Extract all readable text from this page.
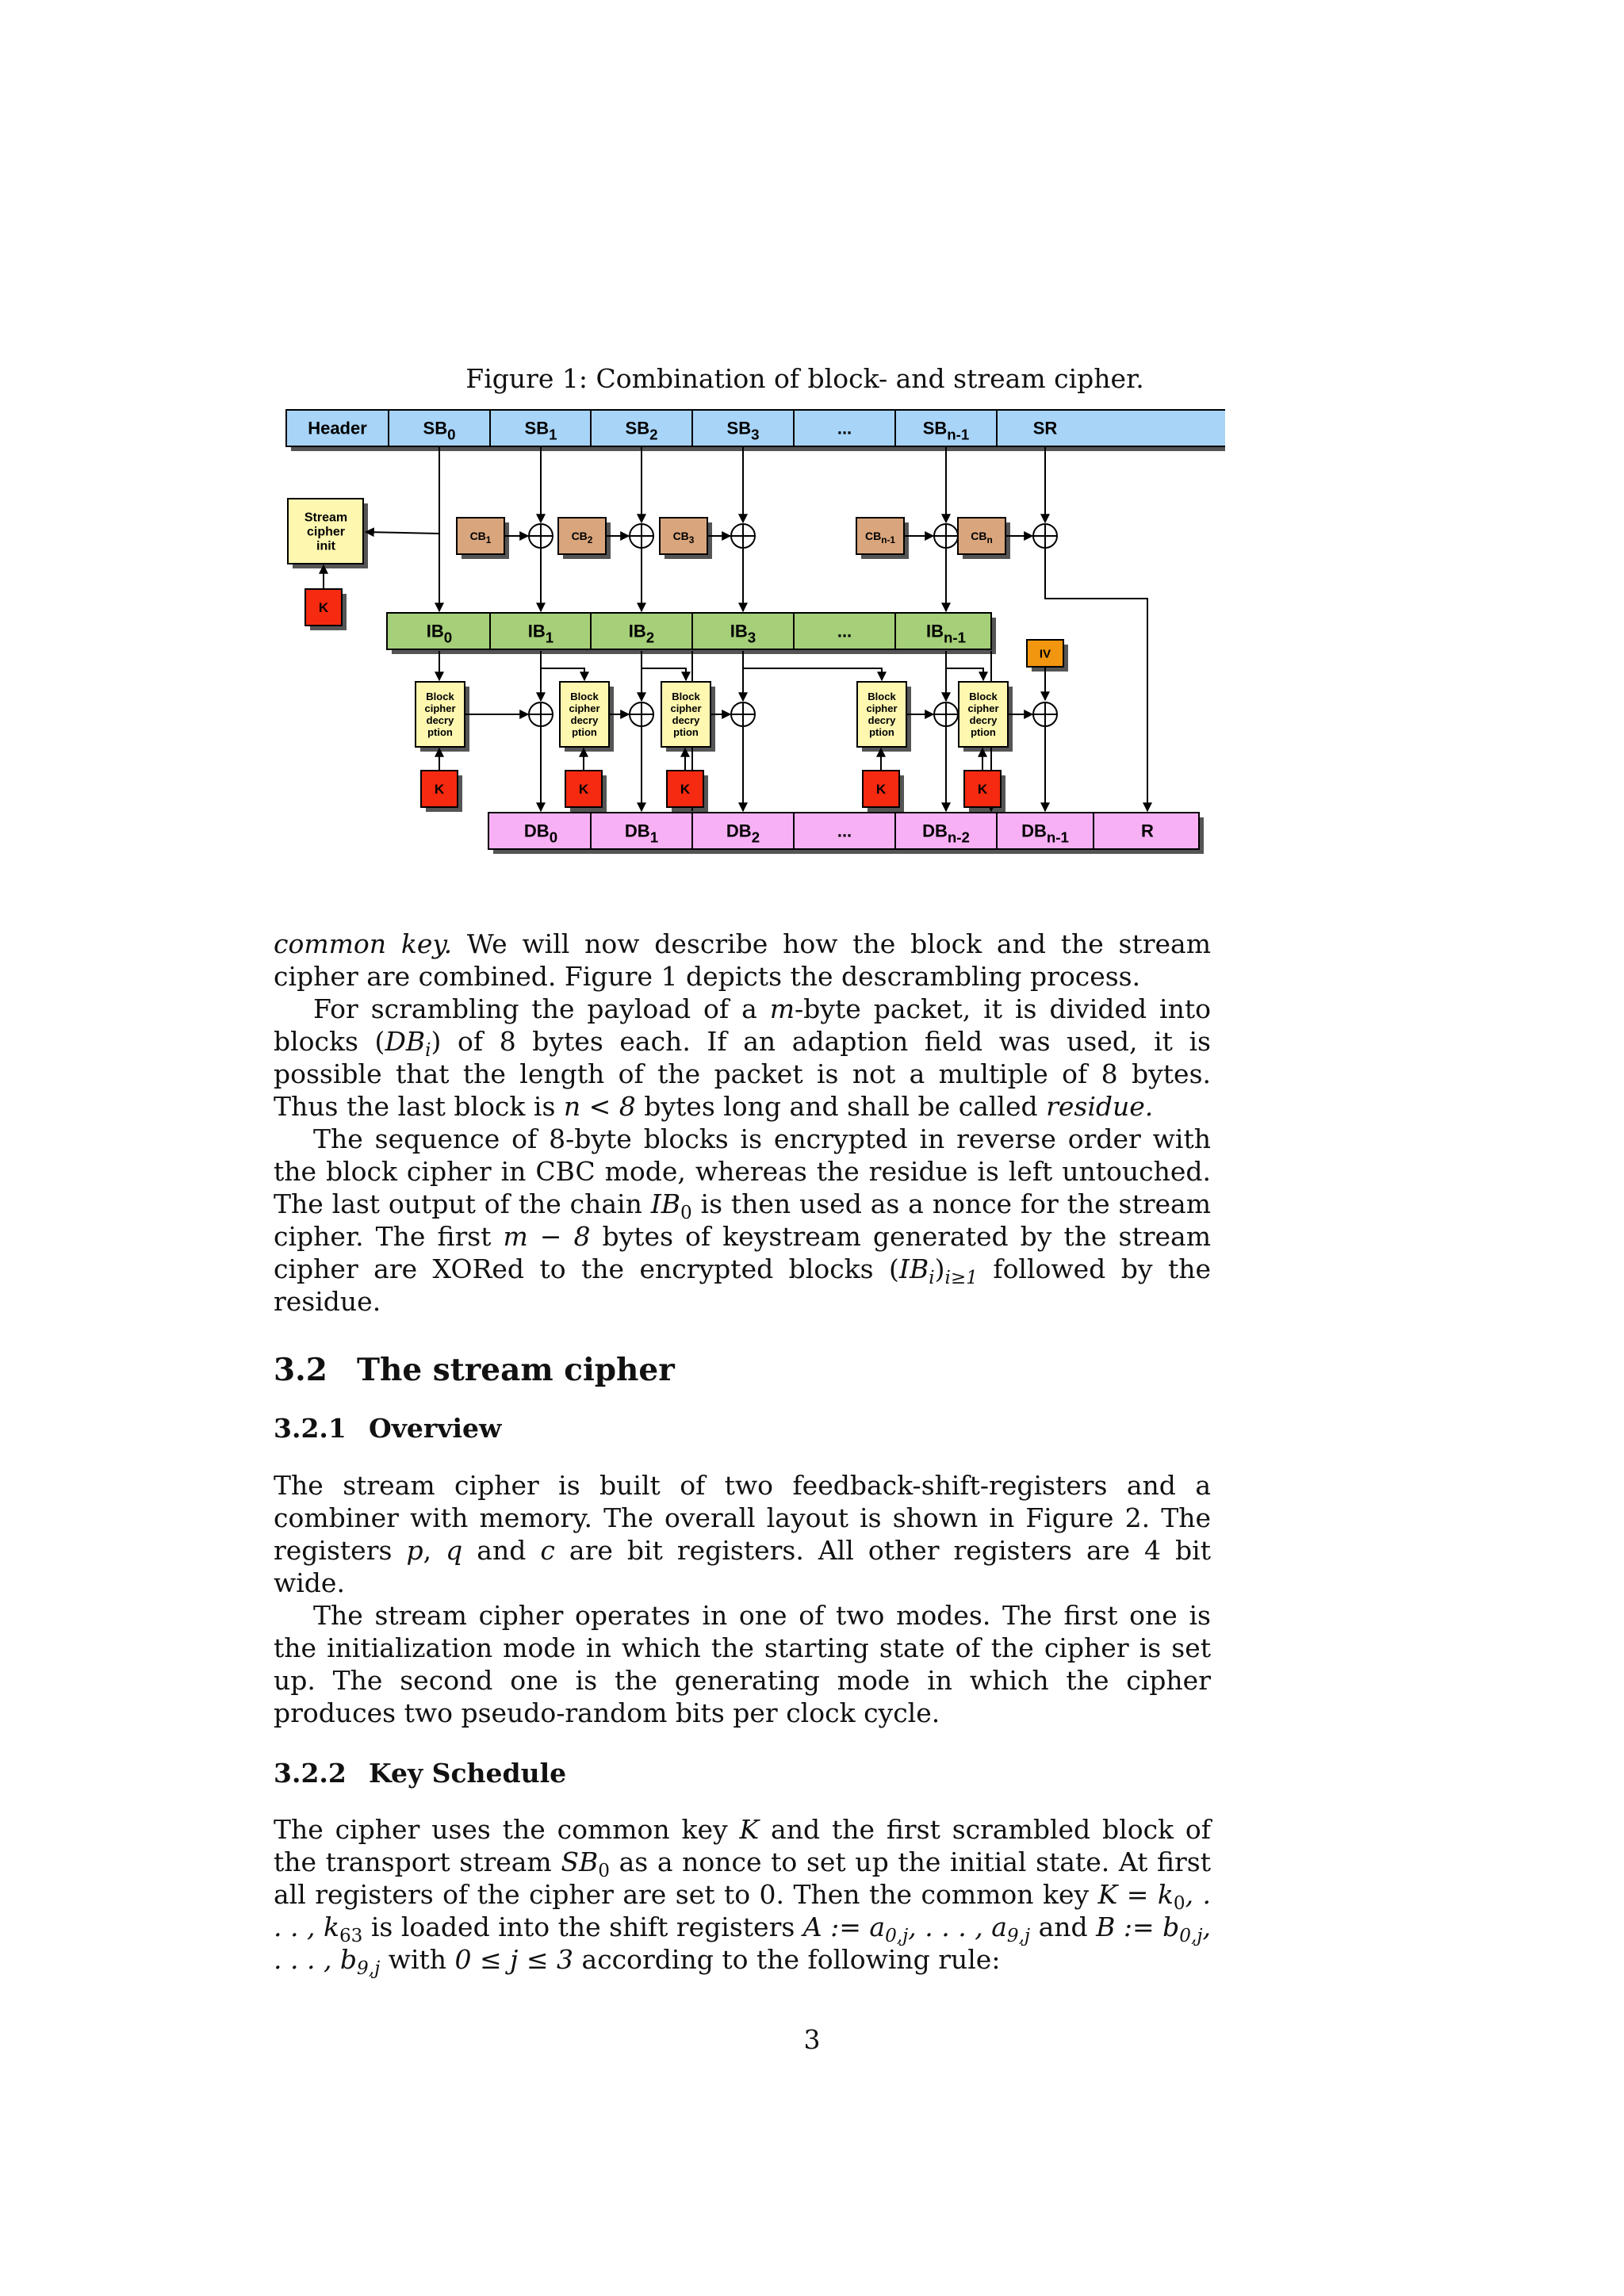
Figure 1: Combination of block- and stream cipher.
Header	$SB_0$	$SB_1$	$SB_2$	$SB_3$	...	$SB_{n-1}$	SR
Stream
cipher
init
K
$CB_1$	$CB_2$	$CB_3$	$CB_{n-1}$	$CB_n$
$IB_0$	$IB_1$	$IB_2$	$IB_3$	...	$IB_{n-1}$
IV
Block
cipher
decry
ption
K
Block
cipher
decry
ption
K
Block
cipher
decry
ption
K
Block
cipher
decry
ption
K
Block
cipher
decry
ption
K
$DB_0$	$DB_1$	$DB_2$	...	$DB_{n-2}$	$DB_{n-1}$	R

common key. We will now describe how the block and the stream cipher are combined. Figure 1 depicts the descrambling process.

For scrambling the payload of a m-byte packet, it is divided into blocks $(DB_i)$ of 8 bytes each. If an adaption field was used, it is possible that the length of the packet is not a multiple of 8 bytes. Thus the last block is n < 8 bytes long and shall be called residue.

The sequence of 8-byte blocks is encrypted in reverse order with the block cipher in CBC mode, whereas the residue is left untouched. The last output of the chain $IB_0$ is then used as a nonce for the stream cipher. The first m − 8 bytes of keystream generated by the stream cipher are XORed to the encrypted blocks $(IB_i)_{i\ge 1}$ followed by the residue.

3.2 The stream cipher
3.2.1 Overview

The stream cipher is built of two feedback-shift-registers and a combiner with memory. The overall layout is shown in Figure 2. The registers p, q and c are bit registers. All other registers are 4 bit wide.

The stream cipher operates in one of two modes. The first one is the initialization mode in which the starting state of the cipher is set up. The second one is the generating mode in which the cipher produces two pseudo-random bits per clock cycle.

3.2.2 Key Schedule

The cipher uses the common key K and the first scrambled block of the transport stream $SB_0$ as a nonce to set up the initial state. At first all registers of the cipher are set to 0. Then the common key $K = k_0$, . . . , $k_{63}$ is loaded into the shift registers A := $a_{0,j}$, . . . , $a_{9,j}$ and B := $b_{0,j}$, . . . , $b_{9,j}$ with 0 ≤ j ≤ 3 according to the following rule:

3
